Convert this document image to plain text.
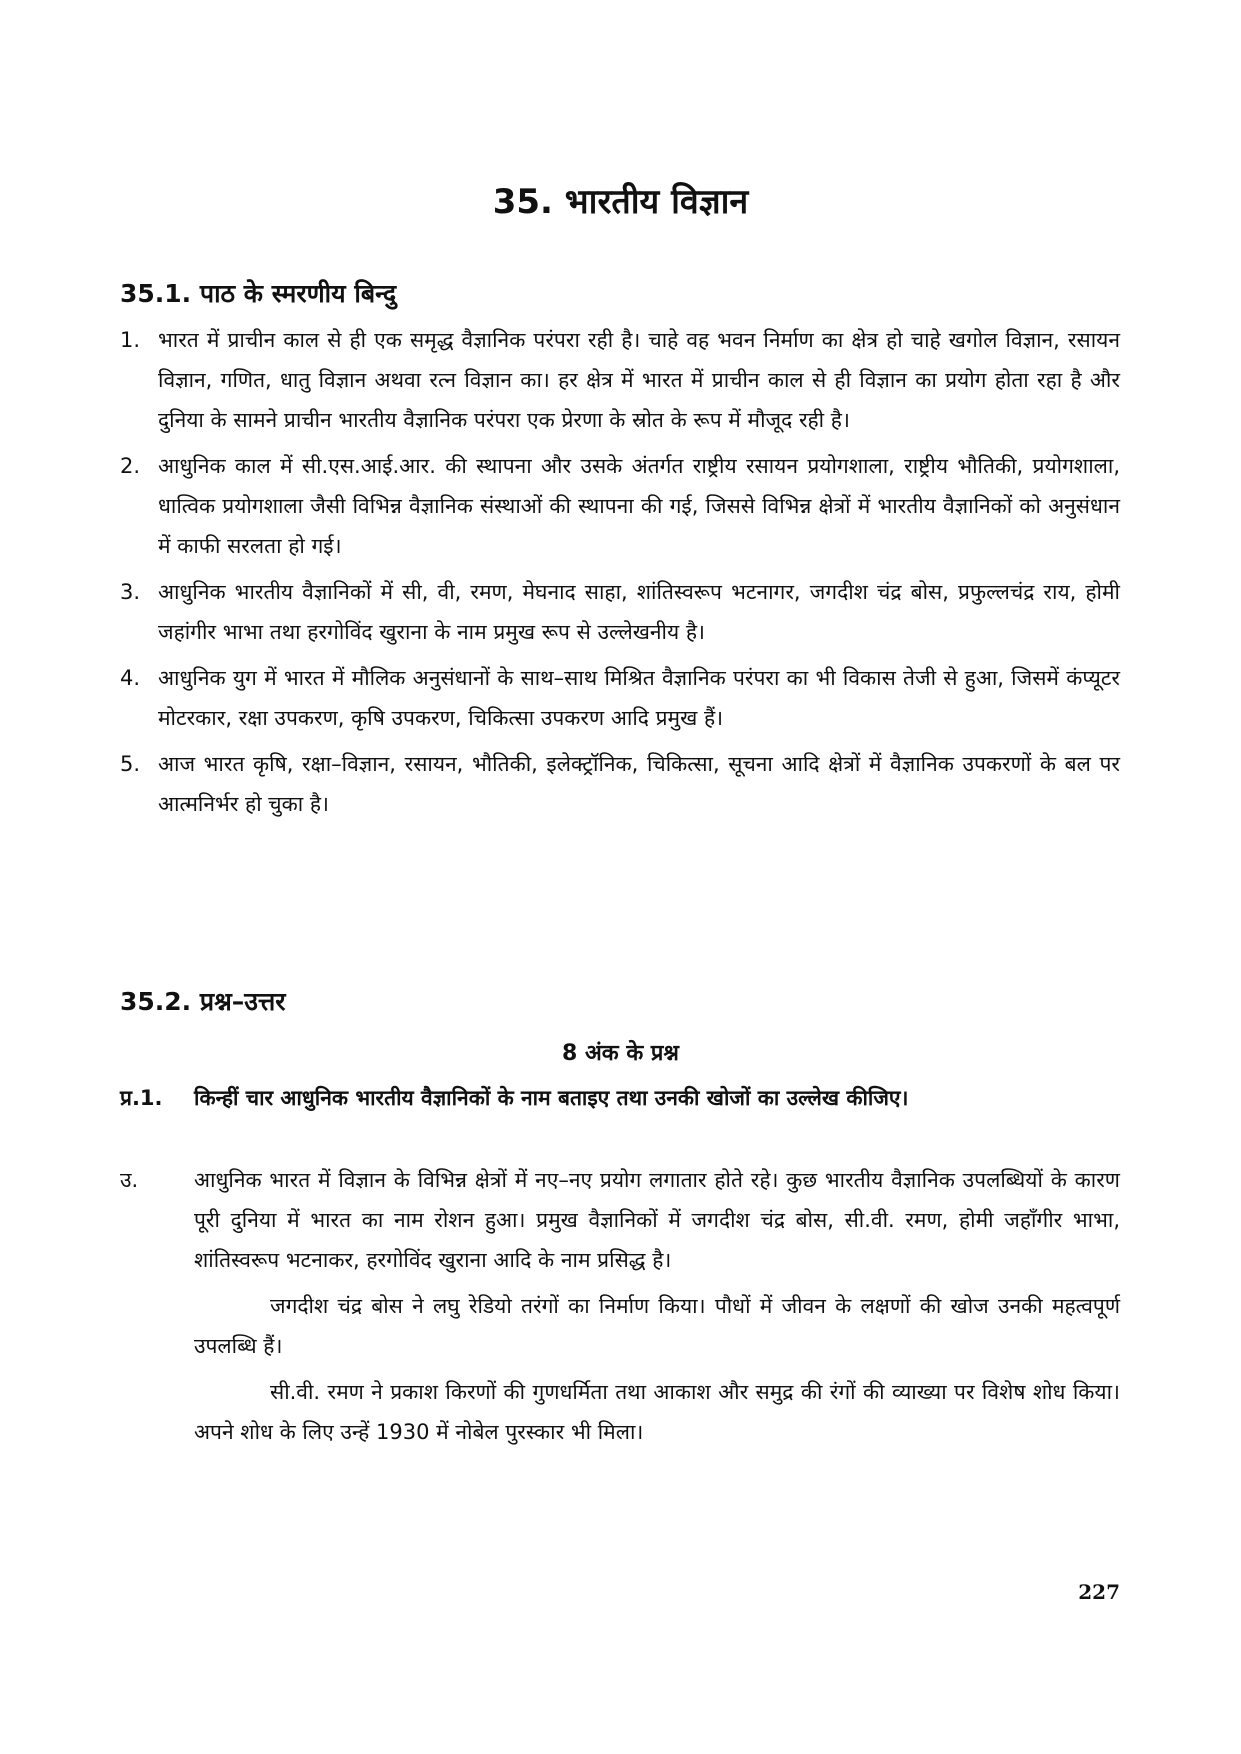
35. भारतीय विज्ञान
35.1. पाठ के स्मरणीय बिन्दु
1. भारत में प्राचीन काल से ही एक समृद्ध वैज्ञानिक परंपरा रही है। चाहे वह भवन निर्माण का क्षेत्र हो चाहे खगोल विज्ञान, रसायन विज्ञान, गणित, धातु विज्ञान अथवा रत्न विज्ञान का। हर क्षेत्र में भारत में प्राचीन काल से ही विज्ञान का प्रयोग होता रहा है और दुनिया के सामने प्राचीन भारतीय वैज्ञानिक परंपरा एक प्रेरणा के स्रोत के रूप में मौजूद रही है।
2. आधुनिक काल में सी.एस.आई.आर. की स्थापना और उसके अंतर्गत राष्ट्रीय रसायन प्रयोगशाला, राष्ट्रीय भौतिकी, प्रयोगशाला, धात्विक प्रयोगशाला जैसी विभिन्न वैज्ञानिक संस्थाओं की स्थापना की गई, जिससे विभिन्न क्षेत्रों में भारतीय वैज्ञानिकों को अनुसंधान में काफी सरलता हो गई।
3. आधुनिक भारतीय वैज्ञानिकों में सी, वी, रमण, मेघनाद साहा, शांतिस्वरूप भटनागर, जगदीश चंद्र बोस, प्रफुल्लचंद्र राय, होमी जहांगीर भाभा तथा हरगोविंद खुराना के नाम प्रमुख रूप से उल्लेखनीय है।
4. आधुनिक युग में भारत में मौलिक अनुसंधानों के साथ–साथ मिश्रित वैज्ञानिक परंपरा का भी विकास तेजी से हुआ, जिसमें कंप्यूटर मोटरकार, रक्षा उपकरण, कृषि उपकरण, चिकित्सा उपकरण आदि प्रमुख हैं।
5. आज भारत कृषि, रक्षा–विज्ञान, रसायन, भौतिकी, इलेक्ट्रॉनिक, चिकित्सा, सूचना आदि क्षेत्रों में वैज्ञानिक उपकरणों के बल पर आत्मनिर्भर हो चुका है।
35.2. प्रश्न–उत्तर
8 अंक के प्रश्न
प्र.1.	किन्हीं चार आधुनिक भारतीय वैज्ञानिकों के नाम बताइए तथा उनकी खोजों का उल्लेख कीजिए।
उ.	आधुनिक भारत में विज्ञान के विभिन्न क्षेत्रों में नए–नए प्रयोग लगातार होते रहे। कुछ भारतीय वैज्ञानिक उपलब्धियों के कारण पूरी दुनिया में भारत का नाम रोशन हुआ। प्रमुख वैज्ञानिकों में जगदीश चंद्र बोस, सी.वी. रमण, होमी जहाँगीर भाभा, शांतिस्वरूप भटनाकर, हरगोविंद खुराना आदि के नाम प्रसिद्ध है।

जगदीश चंद्र बोस ने लघु रेडियो तरंगों का निर्माण किया। पौधों में जीवन के लक्षणों की खोज उनकी महत्वपूर्ण उपलब्धि हैं।

सी.वी. रमण ने प्रकाश किरणों की गुणधर्मिता तथा आकाश और समुद्र की रंगों की व्याख्या पर विशेष शोध किया। अपने शोध के लिए उन्हें 1930 में नोबेल पुरस्कार भी मिला।

227
